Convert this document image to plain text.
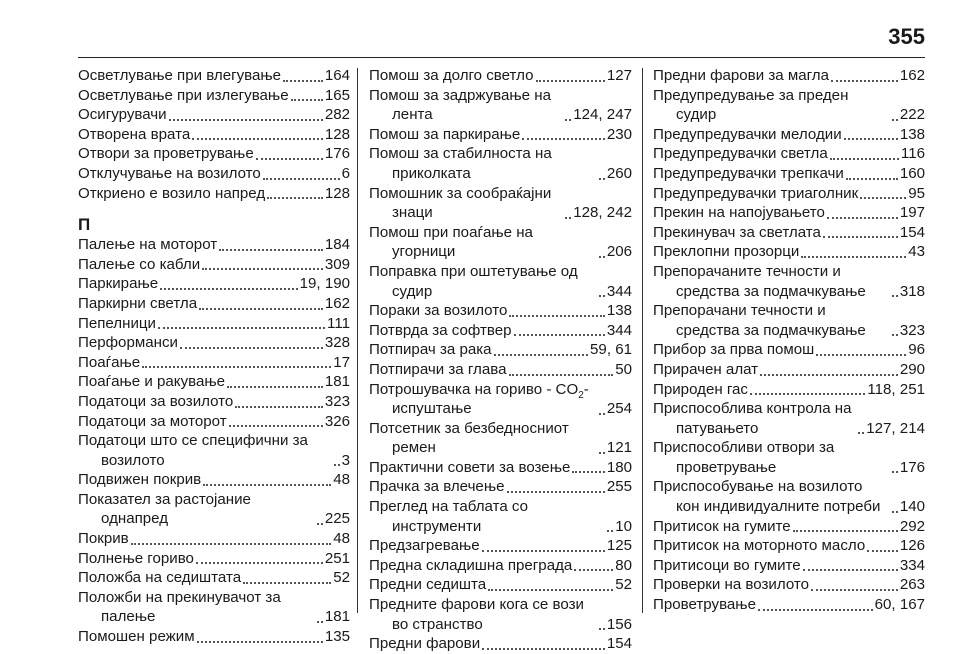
355
Осветлување при влегување	164
Осветлување при излегување 165
Осигурувачи	282
Отворена врата	128
Отвори за проветрување	176
Отклучување на возилото	6
Откриено е возило напред	128
П
Палење на моторот	184
Палење со кабли	309
Паркирање	19, 190
Паркирни светла	162
Пепелници	111
Перформанси	328
Поаѓање	17
Поаѓање и ракување	181
Податоци за возилото	323
Податоци за моторот	326
Податоци што се специфични за возилото	3
Подвижен покрив	48
Показател за растојание однапред	225
Покрив	48
Полнење гориво	251
Положба на седиштата	52
Положби на прекинувачот за палење	181
Помошен режим	135
Помош за долго светло	127
Помош за задржување на лента	124, 247
Помош за паркирање	230
Помош за стабилноста на приколката	260
Помошник за сообраќајни знаци	128, 242
Помош при поаѓање на угорници	206
Поправка при оштетување од судир	344
Пораки за возилото	138
Потврда за софтвер	344
Потпирач за рака	59, 61
Потпирачи за глава	50
Потрошувачка на гориво - $CO_2$-испуштање	254
Потсетник за безбедносниот ремен	121
Практични совети за возење 180
Прачка за влечење	255
Преглед на таблата со инструменти	10
Предзагревање	125
Предна складишна преграда	80
Предни седишта	52
Предните фарови кога се вози во странство	156
Предни фарови	154
Предни фарови за магла	162
Предупредување за преден судир	222
Предупредувачки мелодии	138
Предупредувачки светла	116
Предупредувачки трепкачи	160
Предупредувачки триаголник	95
Прекин на напојувањето	197
Прекинувач за светлата	154
Преклопни прозорци	43
Препорачаните течности и средства за подмачкување	318
Препорачани течности и средства за подмачкување	323
Прибор за прва помош	96
Прирачен алат	290
Природен гас	118, 251
Приспособлива контрола на патувањето	127, 214
Приспособливи отвори за проветрување	176
Приспособување на возилото кон индивидуалните потреби	140
Притисок на гумите	292
Притисок на моторното масло 126
Притисоци во гумите	334
Проверки на возилото	263
Проветрување	60, 167
